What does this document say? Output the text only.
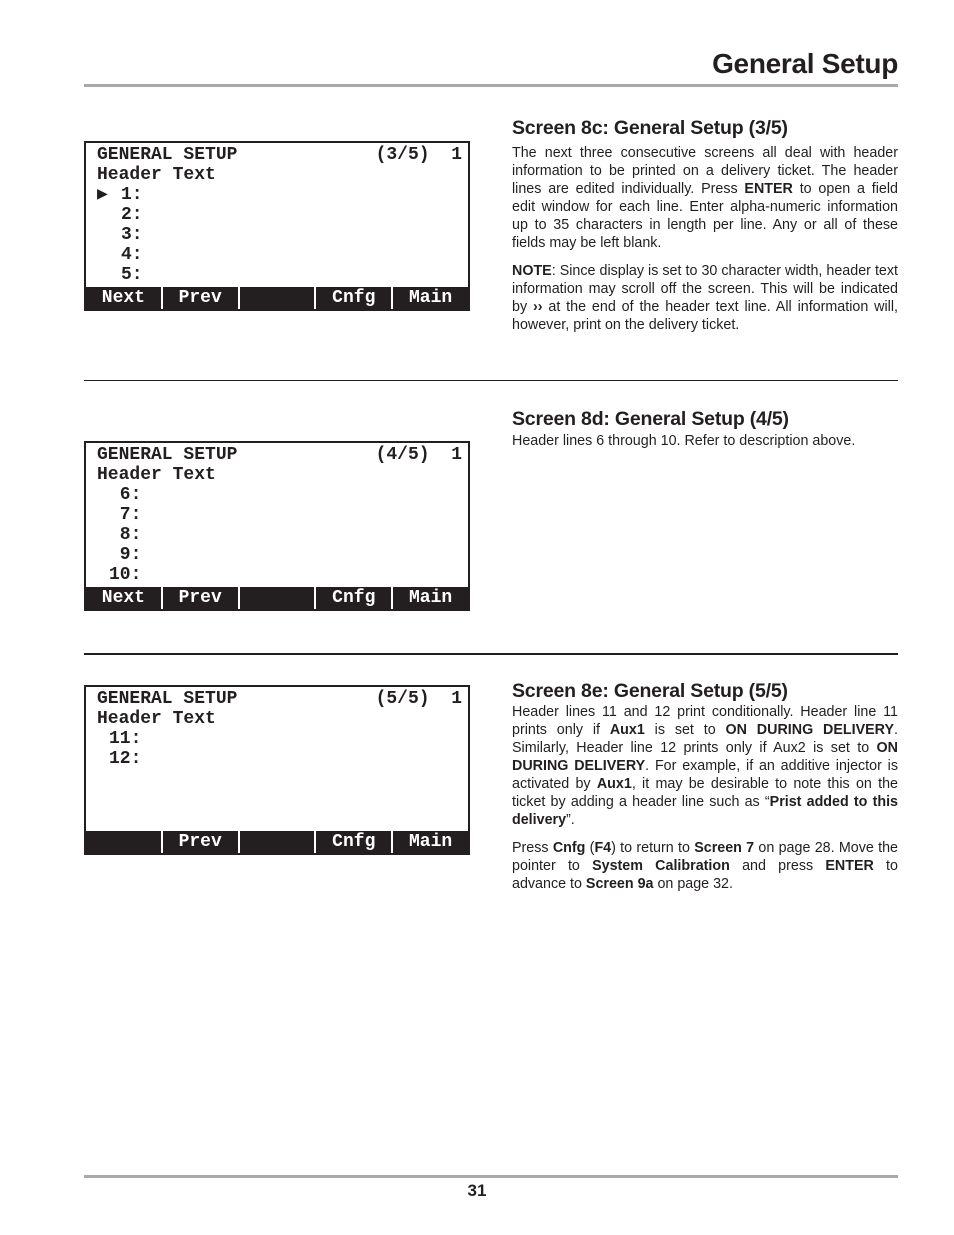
General Setup
GENERAL SETUP	(3/5)  1
Header Text
▶ 1:
2:
3:
4:
5:
Next	Prev	Cnfg	Main
Screen 8c: General Setup (3/5)

The next three consecutive screens all deal with header information to be printed on a delivery ticket. The header lines are edited individually. Press ENTER to open a field edit window for each line. Enter alpha-numeric information up to 35 characters in length per line. Any or all of these fields may be left blank.

NOTE: Since display is set to 30 character width, header text information may scroll off the screen. This will be indicated by ›› at the end of the header text line. All information will, however, print on the delivery ticket.

GENERAL SETUP	(4/5)  1
Header Text
6:
7:
8:
9:
10:
Next	Prev	Cnfg	Main
Screen 8d: General Setup (4/5)

Header lines 6 through 10. Refer to description above.

GENERAL SETUP	(5/5)  1
Header Text
11:
12:
Prev	Cnfg	Main
Screen 8e: General Setup (5/5)

Header lines 11 and 12 print conditionally. Header line 11 prints only if Aux1 is set to ON DURING DELIVERY. Similarly, Header line 12 prints only if Aux2 is set to ON DURING DELIVERY. For example, if an additive injector is activated by Aux1, it may be desirable to note this on the ticket by adding a header line such as “Prist added to this delivery”.

Press Cnfg (F4) to return to Screen 7 on page 28. Move the pointer to System Calibration and press ENTER to advance to Screen 9a on page 32.

31
